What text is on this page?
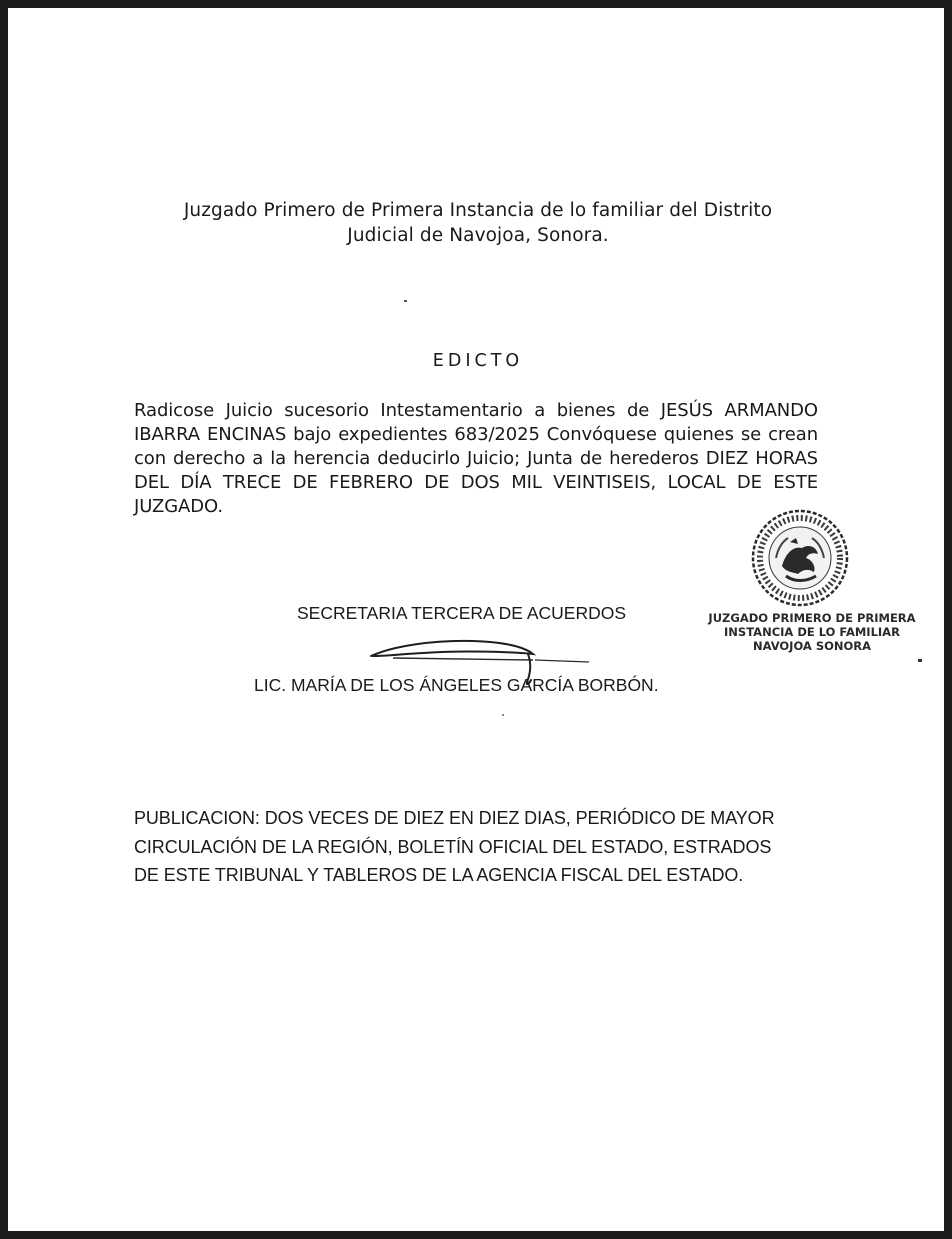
Juzgado Primero de Primera Instancia de lo familiar del Distrito
Judicial de Navojoa, Sonora.
EDICTO
Radicose Juicio sucesorio Intestamentario a bienes de JESÚS ARMANDO IBARRA ENCINAS bajo expedientes 683/2025 Convóquese quienes se crean con derecho a la herencia deducirlo Juicio; Junta de herederos DIEZ HORAS DEL DÍA TRECE DE FEBRERO DE DOS MIL VEINTISEIS, LOCAL DE ESTE JUZGADO.
JUZGADO PRIMERO DE PRIMERA
INSTANCIA DE LO FAMILIAR
NAVOJOA SONORA
SECRETARIA TERCERA DE ACUERDOS
LIC. MARÍA DE LOS ÁNGELES GARCÍA BORBÓN.
PUBLICACION: DOS VECES DE DIEZ EN DIEZ DIAS, PERIÓDICO DE MAYOR
CIRCULACIÓN DE LA REGIÓN, BOLETÍN OFICIAL DEL ESTADO, ESTRADOS
DE ESTE TRIBUNAL Y TABLEROS DE LA AGENCIA FISCAL DEL ESTADO.
